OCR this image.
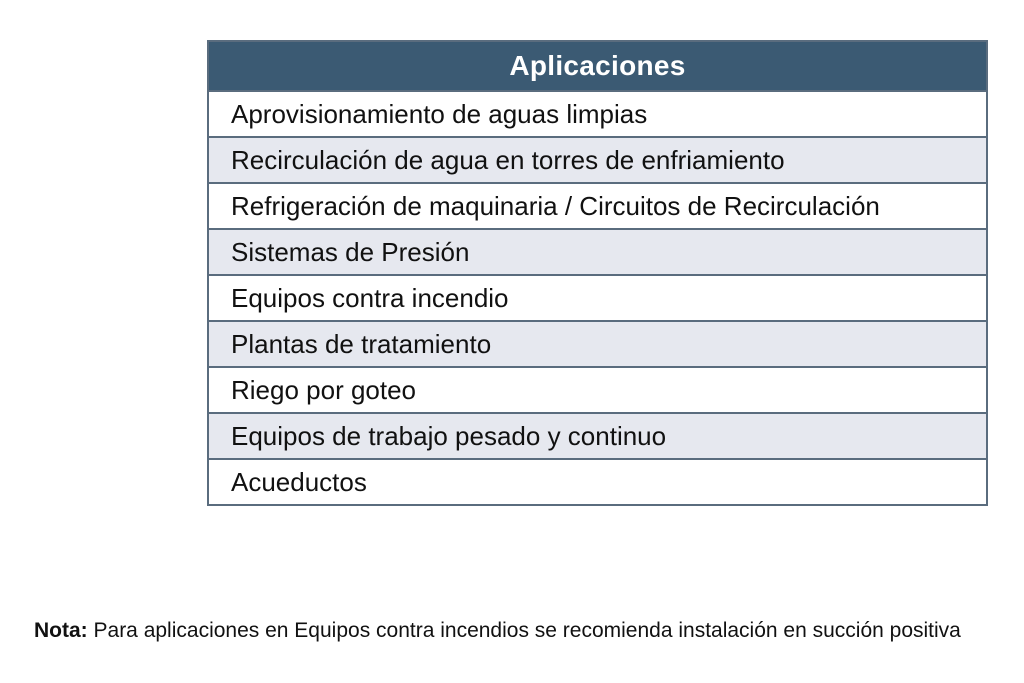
Aplicaciones
Aprovisionamiento de aguas limpias
Recirculación de agua en torres de enfriamiento
Refrigeración de maquinaria / Circuitos de Recirculación
Sistemas de Presión
Equipos contra incendio
Plantas de tratamiento
Riego por goteo
Equipos de trabajo pesado y continuo
Acueductos
Nota: Para aplicaciones en Equipos contra incendios se recomienda instalación en succión positiva
